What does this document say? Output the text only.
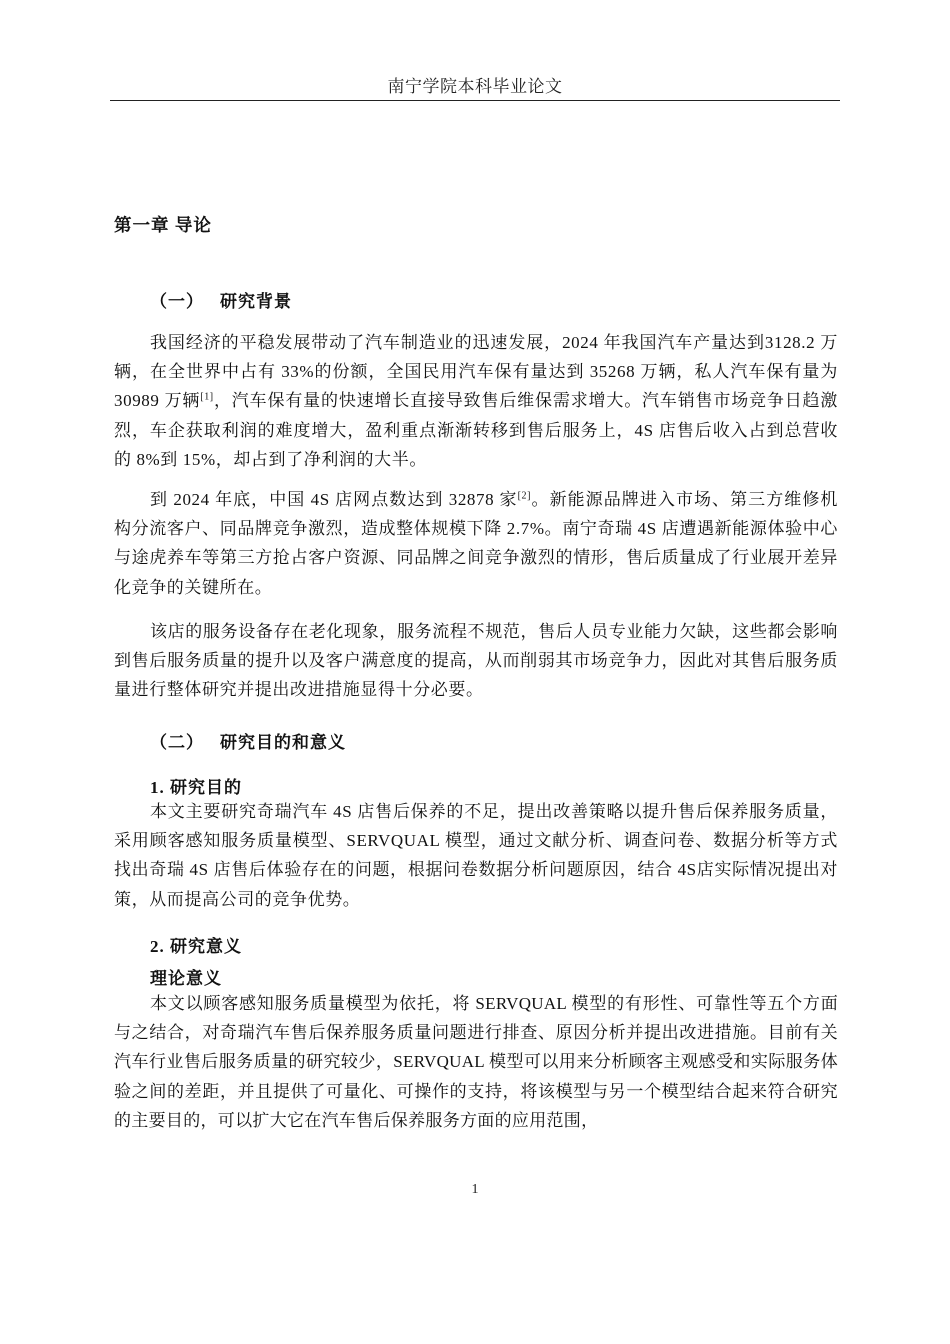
南宁学院本科毕业论文
第一章 导论
（一） 研究背景

我国经济的平稳发展带动了汽车制造业的迅速发展，2024 年我国汽车产量达到3128.2 万辆，在全世界中占有 33%的份额，全国民用汽车保有量达到 35268 万辆，私人汽车保有量为 30989 万辆[1]，汽车保有量的快速增长直接导致售后维保需求增大。汽车销售市场竞争日趋激烈，车企获取利润的难度增大，盈利重点渐渐转移到售后服务上，4S 店售后收入占到总营收的 8%到 15%，却占到了净利润的大半。

到 2024 年底，中国 4S 店网点数达到 32878 家[2]。新能源品牌进入市场、第三方维修机构分流客户、同品牌竞争激烈，造成整体规模下降 2.7%。南宁奇瑞 4S 店遭遇新能源体验中心与途虎养车等第三方抢占客户资源、同品牌之间竞争激烈的情形，售后质量成了行业展开差异化竞争的关键所在。

该店的服务设备存在老化现象，服务流程不规范，售后人员专业能力欠缺，这些都会影响到售后服务质量的提升以及客户满意度的提高，从而削弱其市场竞争力，因此对其售后服务质量进行整体研究并提出改进措施显得十分必要。

（二） 研究目的和意义
1. 研究目的

本文主要研究奇瑞汽车 4S 店售后保养的不足，提出改善策略以提升售后保养服务质量，采用顾客感知服务质量模型、SERVQUAL 模型，通过文献分析、调查问卷、数据分析等方式找出奇瑞 4S 店售后体验存在的问题，根据问卷数据分析问题原因，结合 4S店实际情况提出对策，从而提高公司的竞争优势。

2. 研究意义
理论意义

本文以顾客感知服务质量模型为依托，将 SERVQUAL 模型的有形性、可靠性等五个方面与之结合，对奇瑞汽车售后保养服务质量问题进行排查、原因分析并提出改进措施。目前有关汽车行业售后服务质量的研究较少，SERVQUAL 模型可以用来分析顾客主观感受和实际服务体验之间的差距，并且提供了可量化、可操作的支持，将该模型与另一个模型结合起来符合研究的主要目的，可以扩大它在汽车售后保养服务方面的应用范围，

1
